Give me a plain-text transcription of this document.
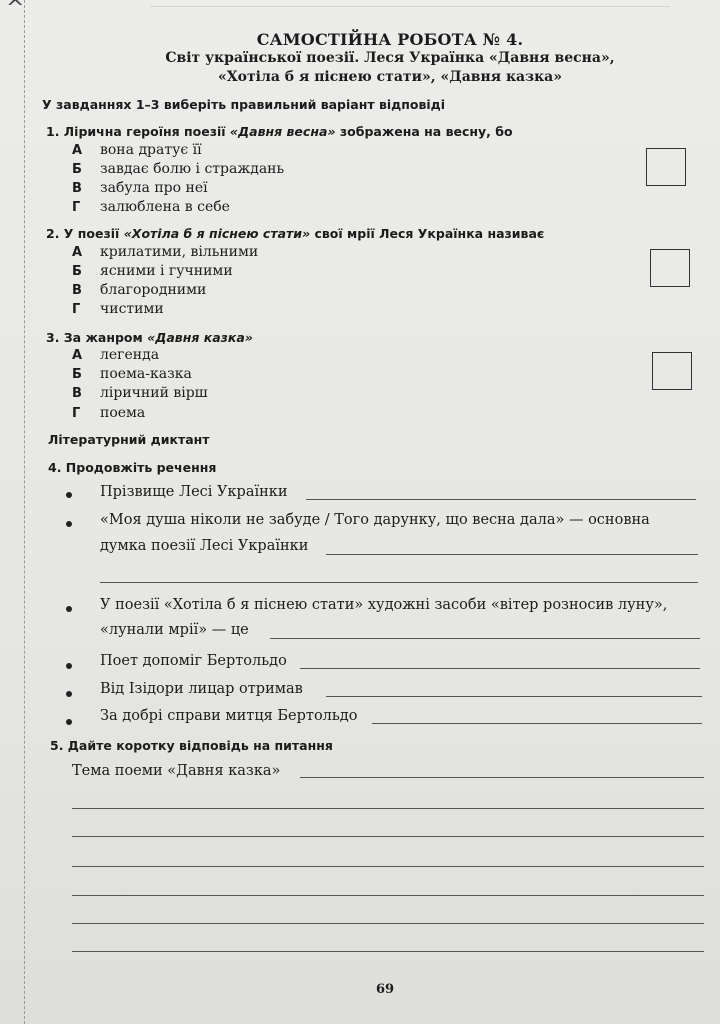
^
САМОСТІЙНА РОБОТА № 4.
Світ української поезії. Леся Українка «Давня весна»,
«Хотіла б я піснею стати», «Давня казка»
У завданнях 1–3 виберіть правильний варіант відповіді
1. Лірична героїня поезії «Давня весна» зображена на весну, бо
А вона дратує її
Б завдає болю і страждань
В забула про неї
Г залюблена в себе
2. У поезії «Хотіла б я піснею стати» свої мрії Леся Українка називає
А крилатими, вільними
Б ясними і гучними
В благородними
Г чистими
3. За жанром «Давня казка»
А легенда
Б поема-казка
В ліричний вірш
Г поема
Літературний диктант
4. Продовжіть речення
Прізвище Лесі Українки
«Моя душа ніколи не забуде / Того дарунку, що весна дала» — основна
думка поезії Лесі Українки
У поезії «Хотіла б я піснею стати» художні засоби «вітер розносив луну»,
«лунали мрії» — це
Поет допоміг Бертольдо
Від Ізідори лицар отримав
За добрі справи митця Бертольдо
5. Дайте коротку відповідь на питання
Тема поеми «Давня казка»
69
